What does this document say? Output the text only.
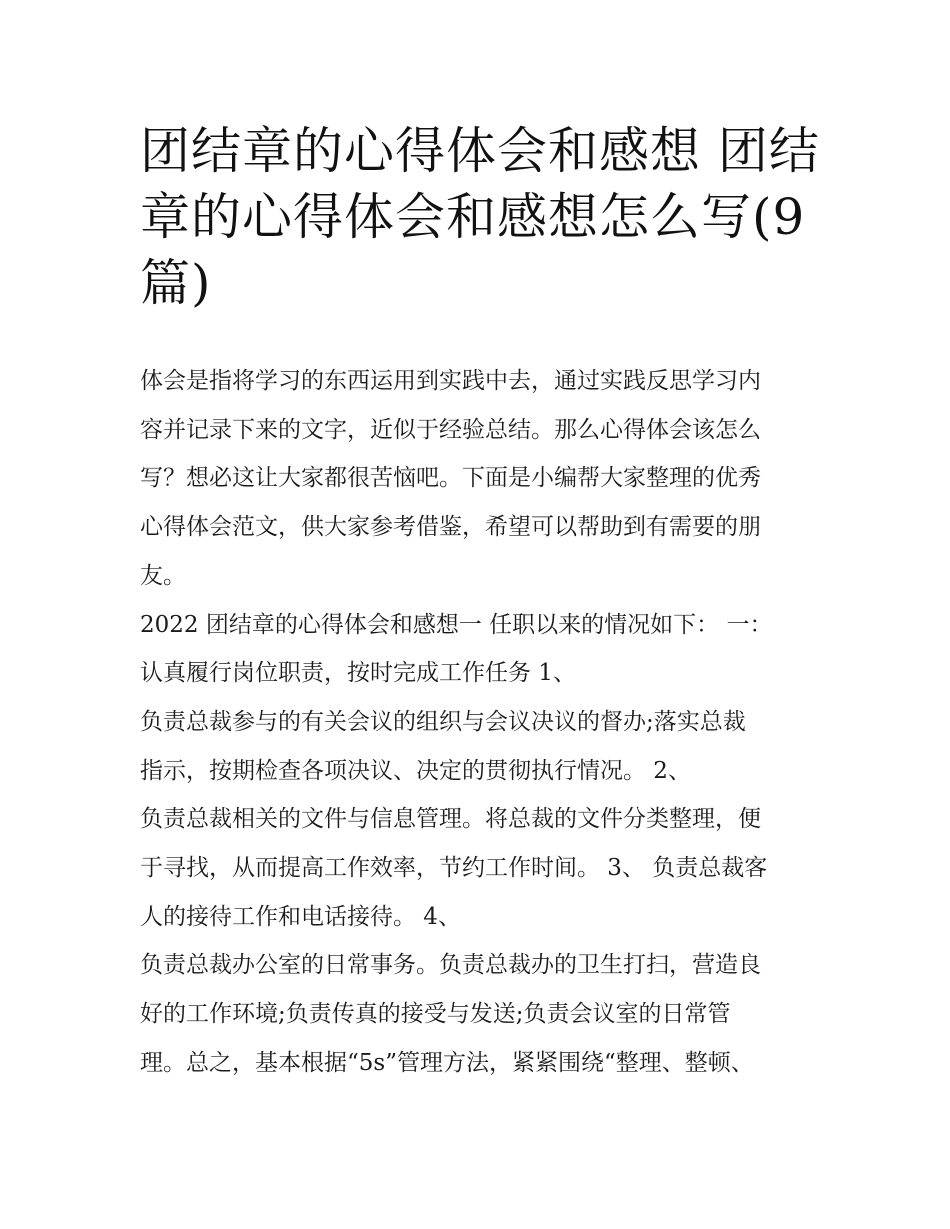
团结章的心得体会和感想 团结
章的心得体会和感想怎么写(9
篇)
体会是指将学习的东西运用到实践中去，通过实践反思学习内
容并记录下来的文字，近似于经验总结。那么心得体会该怎么
写？想必这让大家都很苦恼吧。下面是小编帮大家整理的优秀
心得体会范文，供大家参考借鉴，希望可以帮助到有需要的朋
友。
2022 团结章的心得体会和感想一 任职以来的情况如下： 一：
认真履行岗位职责，按时完成工作任务 1、
负责总裁参与的有关会议的组织与会议决议的督办;落实总裁
指示，按期检查各项决议、决定的贯彻执行情况。 2、
负责总裁相关的文件与信息管理。将总裁的文件分类整理，便
于寻找，从而提高工作效率，节约工作时间。 3、 负责总裁客
人的接待工作和电话接待。 4、
负责总裁办公室的日常事务。负责总裁办的卫生打扫，营造良
好的工作环境;负责传真的接受与发送;负责会议室的日常管
理。总之，基本根据“5s”管理方法，紧紧围绕“整理、整顿、
